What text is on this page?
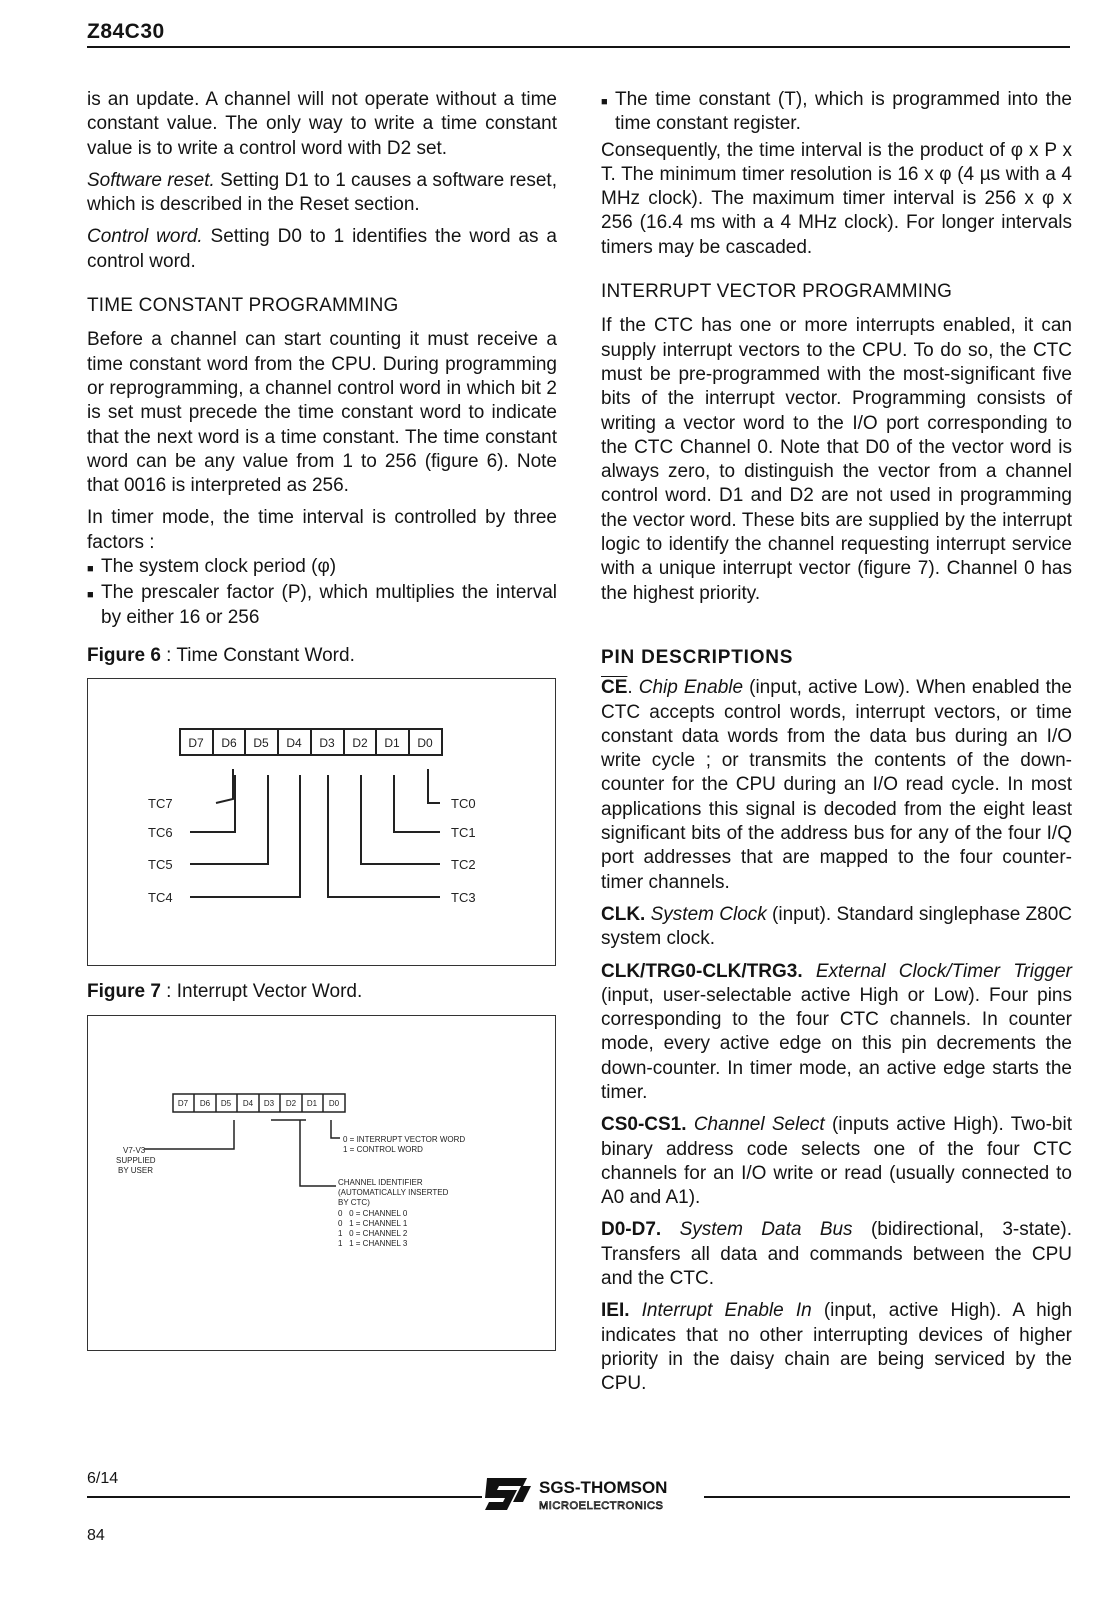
Z84C30

is an update. A channel will not operate without a time constant value. The only way to write a time constant value is to write a control word with D2 set.

Software reset. Setting D1 to 1 causes a software reset, which is described in the Reset section.

Control word. Setting D0 to 1 identifies the word as a control word.

TIME CONSTANT PROGRAMMING

Before a channel can start counting it must receive a time constant word from the CPU. During programming or reprogramming, a channel control word in which bit 2 is set must precede the time constant word to indicate that the next word is a time constant. The time constant word can be any value from 1 to 256 (figure 6). Note that 0016 is interpreted as 256.

In timer mode, the time interval is controlled by three factors :

■ The system clock period (φ)
■ The prescaler factor (P), which multiplies the interval by either 16 or 256
Figure 6 : Time Constant Word.
D7 D6 D5 D4 D3 D2 D1 D0
TC7
TC6
TC5
TC4
TC0
TC1
TC2
TC3
Figure 7 : Interrupt Vector Word.
D7 D6 D5 D4 D3 D2 D1 D0
V7-V3
SUPPLIED
BY USER
0 = INTERRUPT VECTOR WORD
1 = CONTROL WORD
CHANNEL IDENTIFIER
(AUTOMATICALLY INSERTED
BY CTC)
0   0 = CHANNEL 0
0   1 = CHANNEL 1
1   0 = CHANNEL 2
1   1 = CHANNEL 3
■ The time constant (T), which is programmed into the time constant register.

Consequently, the time interval is the product of φ x P x T. The minimum timer resolution is 16 x φ (4 µs with a 4 MHz clock). The maximum timer interval is 256 x φ x 256 (16.4 ms with a 4 MHz clock). For longer intervals timers may be cascaded.

INTERRUPT VECTOR PROGRAMMING

If the CTC has one or more interrupts enabled, it can supply interrupt vectors to the CPU. To do so, the CTC must be pre-programmed with the most-significant five bits of the interrupt vector. Programming consists of writing a vector word to the I/O port corresponding to the CTC Channel 0. Note that D0 of the vector word is always zero, to distinguish the vector from a channel control word. D1 and D2 are not used in programming the vector word. These bits are supplied by the interrupt logic to identify the channel requesting interrupt service with a unique interrupt vector (figure 7). Channel 0 has the highest priority.

PIN DESCRIPTIONS

$\overline{CE}$. Chip Enable (input, active Low). When enabled the CTC accepts control words, interrupt vectors, or time constant data words from the data bus during an I/O write cycle ; or transmits the contents of the down-counter for the CPU during an I/O read cycle. In most applications this signal is decoded from the eight least significant bits of the address bus for any of the four I/Q port addresses that are mapped to the four counter-timer channels.

CLK. System Clock (input). Standard singlephase Z80C system clock.

CLK/TRG0-CLK/TRG3. External Clock/Timer Trigger (input, user-selectable active High or Low). Four pins corresponding to the four CTC channels. In counter mode, every active edge on this pin decrements the down-counter. In timer mode, an active edge starts the timer.

CS0-CS1. Channel Select (inputs active High). Two-bit binary address code selects one of the four CTC channels for an I/O write or read (usually connected to A0 and A1).

D0-D7. System Data Bus (bidirectional, 3-state). Transfers all data and commands between the CPU and the CTC.

IEI. Interrupt Enable In (input, active High). A high indicates that no other interrupting devices of higher priority in the daisy chain are being serviced by the CPU.

6/14
84
SGS-THOMSON
MICROELECTRONICS
